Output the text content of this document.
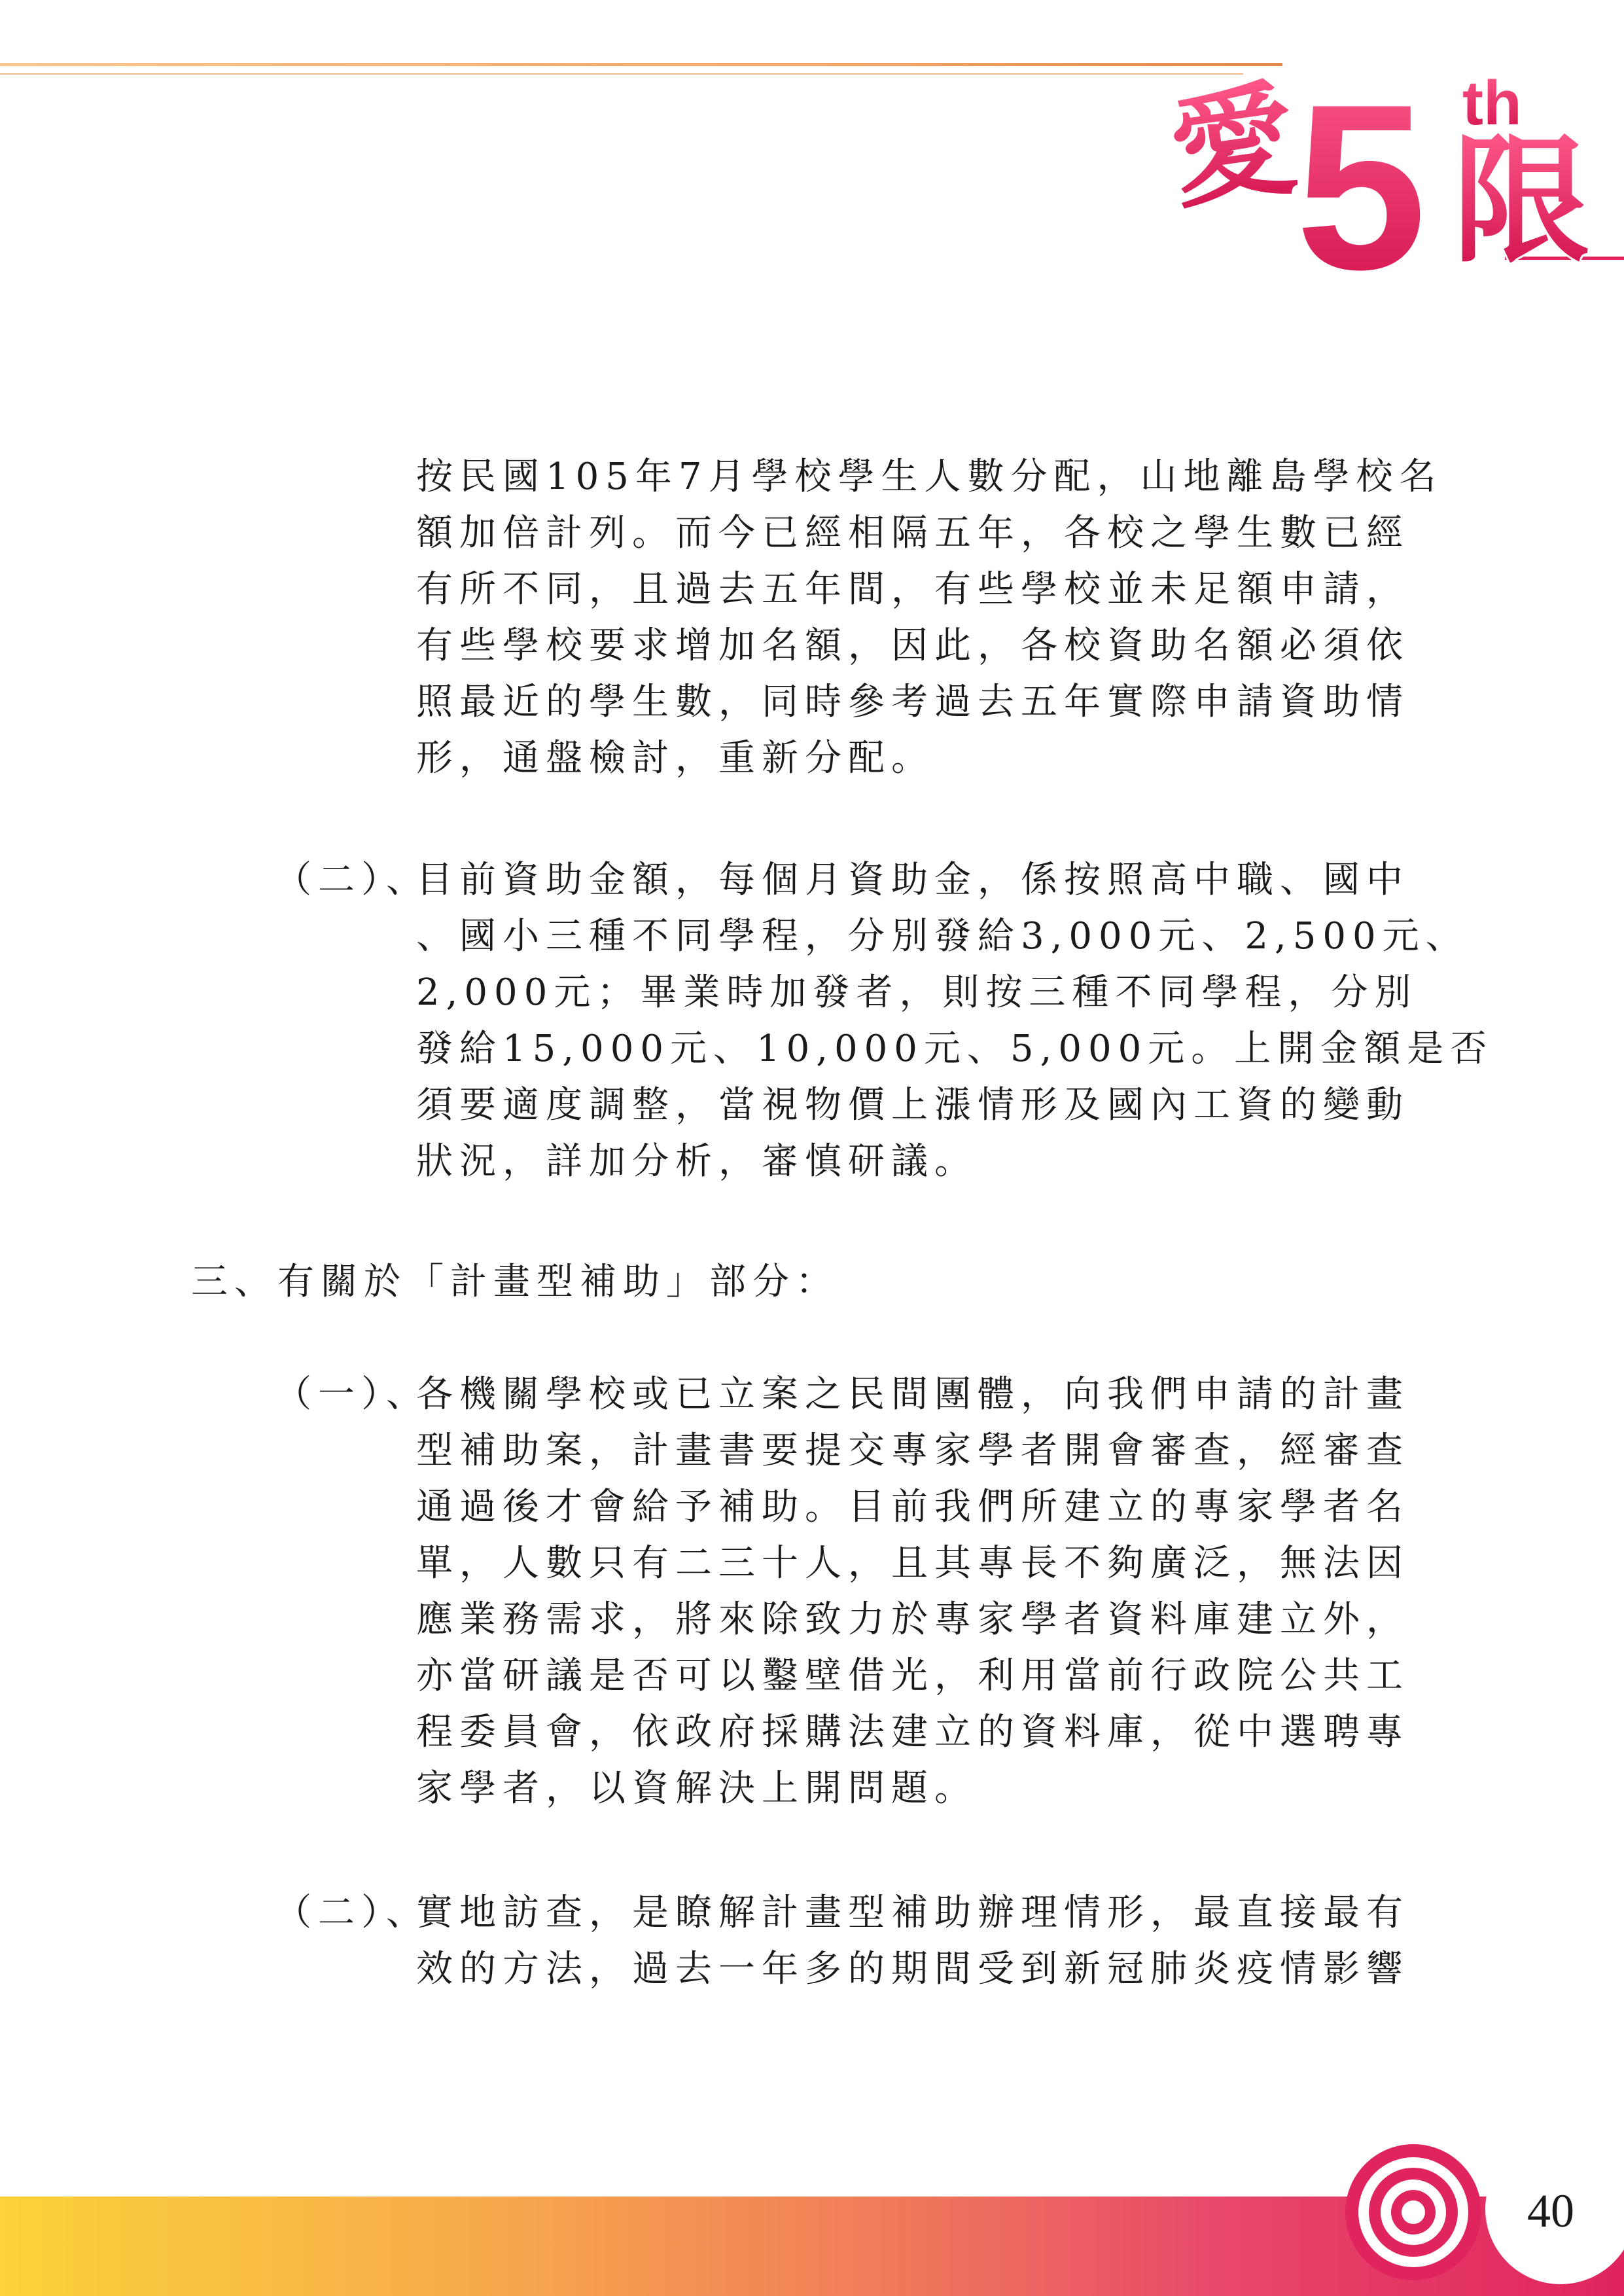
愛
5 th
限
按民國105年7月學校學生人數分配，山地離島學校名
額加倍計列。而今已經相隔五年，各校之學生數已經
有所不同，且過去五年間，有些學校並未足額申請，
有些學校要求增加名額，因此，各校資助名額必須依
照最近的學生數，同時參考過去五年實際申請資助情
形，通盤檢討，重新分配。
（二）、
目前資助金額，每個月資助金，係按照高中職、國中
、國小三種不同學程，分別發給3,000元、2,500元、
2,000元；畢業時加發者，則按三種不同學程，分別
發給15,000元、10,000元、5,000元。上開金額是否
須要適度調整，當視物價上漲情形及國內工資的變動
狀況，詳加分析，審慎研議。
三、有關於「計畫型補助」部分：
（一）、
各機關學校或已立案之民間團體，向我們申請的計畫
型補助案，計畫書要提交專家學者開會審查，經審查
通過後才會給予補助。目前我們所建立的專家學者名
單，人數只有二三十人，且其專長不夠廣泛，無法因
應業務需求，將來除致力於專家學者資料庫建立外，
亦當研議是否可以鑿壁借光，利用當前行政院公共工
程委員會，依政府採購法建立的資料庫，從中選聘專
家學者，以資解決上開問題。
（二）、
實地訪查，是瞭解計畫型補助辦理情形，最直接最有
效的方法，過去一年多的期間受到新冠肺炎疫情影響
40
